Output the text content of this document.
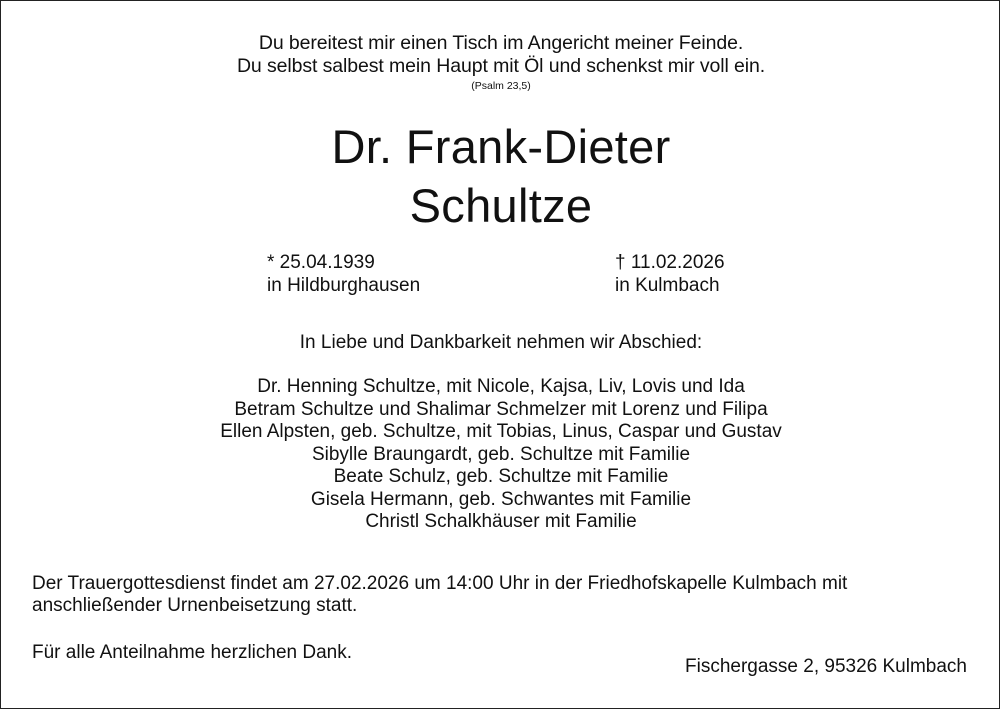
Du bereitest mir einen Tisch im Angericht meiner Feinde.
Du selbst salbest mein Haupt mit Öl und schenkst mir voll ein.
(Psalm 23,5)
Dr. Frank-Dieter
Schultze
* 25.04.1939
in Hildburghausen
† 11.02.2026
in Kulmbach
In Liebe und Dankbarkeit nehmen wir Abschied:
Dr. Henning Schultze, mit Nicole, Kajsa, Liv, Lovis und Ida
Betram Schultze und Shalimar Schmelzer mit Lorenz und Filipa
Ellen Alpsten, geb. Schultze, mit Tobias, Linus, Caspar und Gustav
Sibylle Braungardt, geb. Schultze mit Familie
Beate Schulz, geb. Schultze mit Familie
Gisela Hermann, geb. Schwantes mit Familie
Christl Schalkhäuser mit Familie
Der Trauergottesdienst findet am 27.02.2026 um 14:00 Uhr in der Friedhofskapelle Kulmbach mit
anschließender Urnenbeisetzung statt.
Für alle Anteilnahme herzlichen Dank.
Fischergasse 2, 95326 Kulmbach
